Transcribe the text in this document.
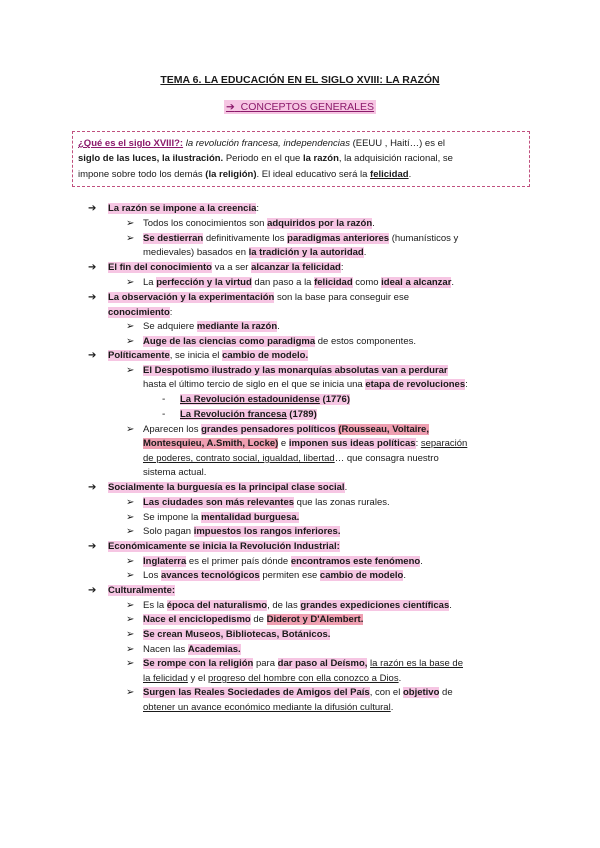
TEMA 6. LA EDUCACIÓN EN EL SIGLO XVIII: LA RAZÓN
➔ CONCEPTOS GENERALES
¿Qué es el siglo XVIII?: la revolución francesa, independencias (EEUU , Haití…) es el
siglo de las luces, la ilustración. Periodo en el que la razón, la adquisición racional, se
impone sobre todo los demás (la religión). El ideal educativo será la felicidad.
➔ La razón se impone a la creencia:
➢ Todos los conocimientos son adquiridos por la razón.
➢ Se destierran definitivamente los paradigmas anteriores (humanísticos y
medievales) basados en la tradición y la autoridad.
➔ El fin del conocimiento va a ser alcanzar la felicidad:
➢ La perfección y la virtud dan paso a la felicidad como ideal a alcanzar.
➔ La observación y la experimentación son la base para conseguir ese
conocimiento:
➢ Se adquiere mediante la razón.
➢ Auge de las ciencias como paradigma de estos componentes.
➔ Políticamente, se inicia el cambio de modelo.
➢ El Despotismo ilustrado y las monarquías absolutas van a perdurar
hasta el último tercio de siglo en el que se inicia una etapa de revoluciones:
- La Revolución estadounidense (1776)
- La Revolución francesa (1789)
➢ Aparecen los grandes pensadores políticos (Rousseau, Voltaire,
Montesquieu, A.Smith, Locke) e imponen sus ideas políticas: separación
de poderes, contrato social, igualdad, libertad… que consagra nuestro
sistema actual.
➔ Socialmente la burguesía es la principal clase social.
➢ Las ciudades son más relevantes que las zonas rurales.
➢ Se impone la mentalidad burguesa.
➢ Solo pagan impuestos los rangos inferiores.
➔ Económicamente se inicia la Revolución Industrial:
➢ Inglaterra es el primer país dónde encontramos este fenómeno.
➢ Los avances tecnológicos permiten ese cambio de modelo.
➔ Culturalmente:
➢ Es la época del naturalismo, de las grandes expediciones científicas.
➢ Nace el enciclopedismo de Diderot y D'Alembert.
➢ Se crean Museos, Bibliotecas, Botánicos.
➢ Nacen las Academias.
➢ Se rompe con la religión para dar paso al Deísmo, la razón es la base de
la felicidad y el progreso del hombre con ella conozco a Dios.
➢ Surgen las Reales Sociedades de Amigos del País, con el objetivo de
obtener un avance económico mediante la difusión cultural.
